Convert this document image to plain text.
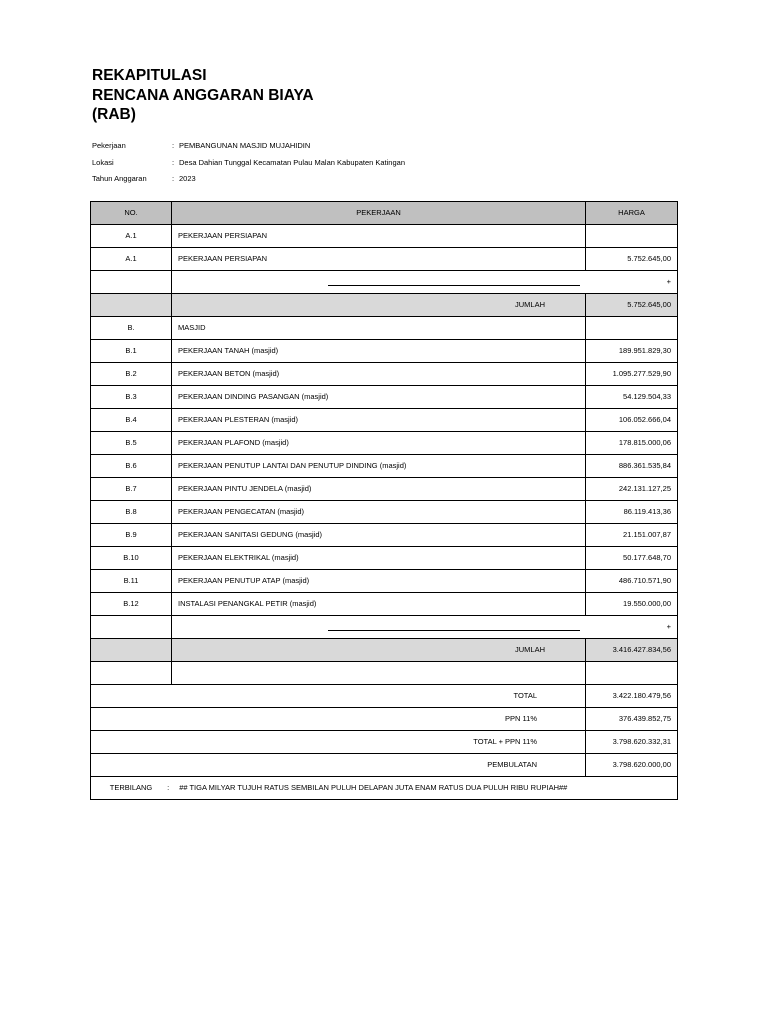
REKAPITULASI
RENCANA ANGGARAN BIAYA
(RAB)
Pekerjaan	: PEMBANGUNAN MASJID MUJAHIDIN
Lokasi	: Desa Dahian Tunggal Kecamatan Pulau Malan Kabupaten Katingan
Tahun Anggaran	: 2023
NO.	PEKERJAAN	HARGA
A.1	PEKERJAAN PERSIAPAN	
A.1	PEKERJAAN PERSIAPAN	5.752.645,00

	+
	JUMLAH	5.752.645,00
B.	MASJID	
B.1	PEKERJAAN TANAH (masjid)	189.951.829,30
B.2	PEKERJAAN BETON (masjid)	1.095.277.529,90
B.3	PEKERJAAN DINDING PASANGAN (masjid)	54.129.504,33
B.4	PEKERJAAN PLESTERAN (masjid)	106.052.666,04
B.5	PEKERJAAN PLAFOND (masjid)	178.815.000,06
B.6	PEKERJAAN PENUTUP LANTAI DAN PENUTUP DINDING (masjid)	886.361.535,84
B.7	PEKERJAAN PINTU JENDELA (masjid)	242.131.127,25
B.8	PEKERJAAN PENGECATAN (masjid)	86.119.413,36
B.9	PEKERJAAN SANITASI GEDUNG (masjid)	21.151.007,87
B.10	PEKERJAAN ELEKTRIKAL (masjid)	50.177.648,70
B.11	PEKERJAAN PENUTUP ATAP (masjid)	486.710.571,90
B.12	INSTALASI PENANGKAL PETIR (masjid)	19.550.000,00

	+
	JUMLAH	3.416.427.834,56

TOTAL		3.422.180.479,56
PPN 11%		376.439.852,75
TOTAL + PPN 11%		3.798.620.332,31
PEMBULATAN		3.798.620.000,00
TERBILANG : ## TIGA MILYAR TUJUH RATUS SEMBILAN PULUH DELAPAN JUTA ENAM RATUS DUA PULUH RIBU RUPIAH##		
